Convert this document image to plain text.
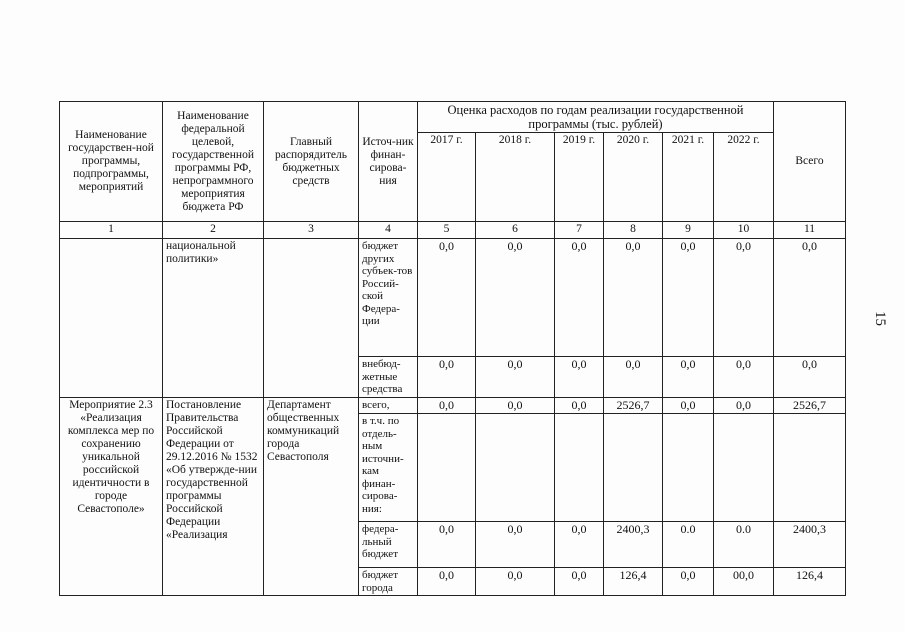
Наименование государствен-ной программы, подпрограммы, мероприятий	Наименование федеральной целевой, государственной программы РФ, непрограммного мероприятия бюджета РФ	Главный распорядитель бюджетных средств	Источ-ник финан-сирова-ния	Оценка расходов по годам реализации государственной программы (тыс. рублей)						Всего
				2017 г.	2018 г.	2019 г.	2020 г.	2021 г.	2022 г.	
1	2	3	4	5	6	7	8	9	10	11
	национальной политики»		бюджет других субъек-тов Россий-ской Федера-ции	0,0	0,0	0,0	0,0	0,0	0,0	0,0
			внебюд-жетные средства	0,0	0,0	0,0	0,0	0,0	0,0	0,0
Мероприятие 2.3 «Реализация комплекса мер по сохранению уникальной российской идентичности в городе Севастополе»	Постановление Правительства Российской Федерации от 29.12.2016 № 1532 «Об утвержде-нии государственной программы Российской Федерации «Реализация	Департамент общественных коммуникаций города Севастополя	всего,	0,0	0,0	0,0	2526,7	0,0	0,0	2526,7
			в т.ч. по отдель-ным источни-кам финан-сирова-ния:							
			федера-льный бюджет	0,0	0,0	0,0	2400,3	0.0	0.0	2400,3
			бюджет города	0,0	0,0	0,0	126,4	0,0	00,0	126,4
15
